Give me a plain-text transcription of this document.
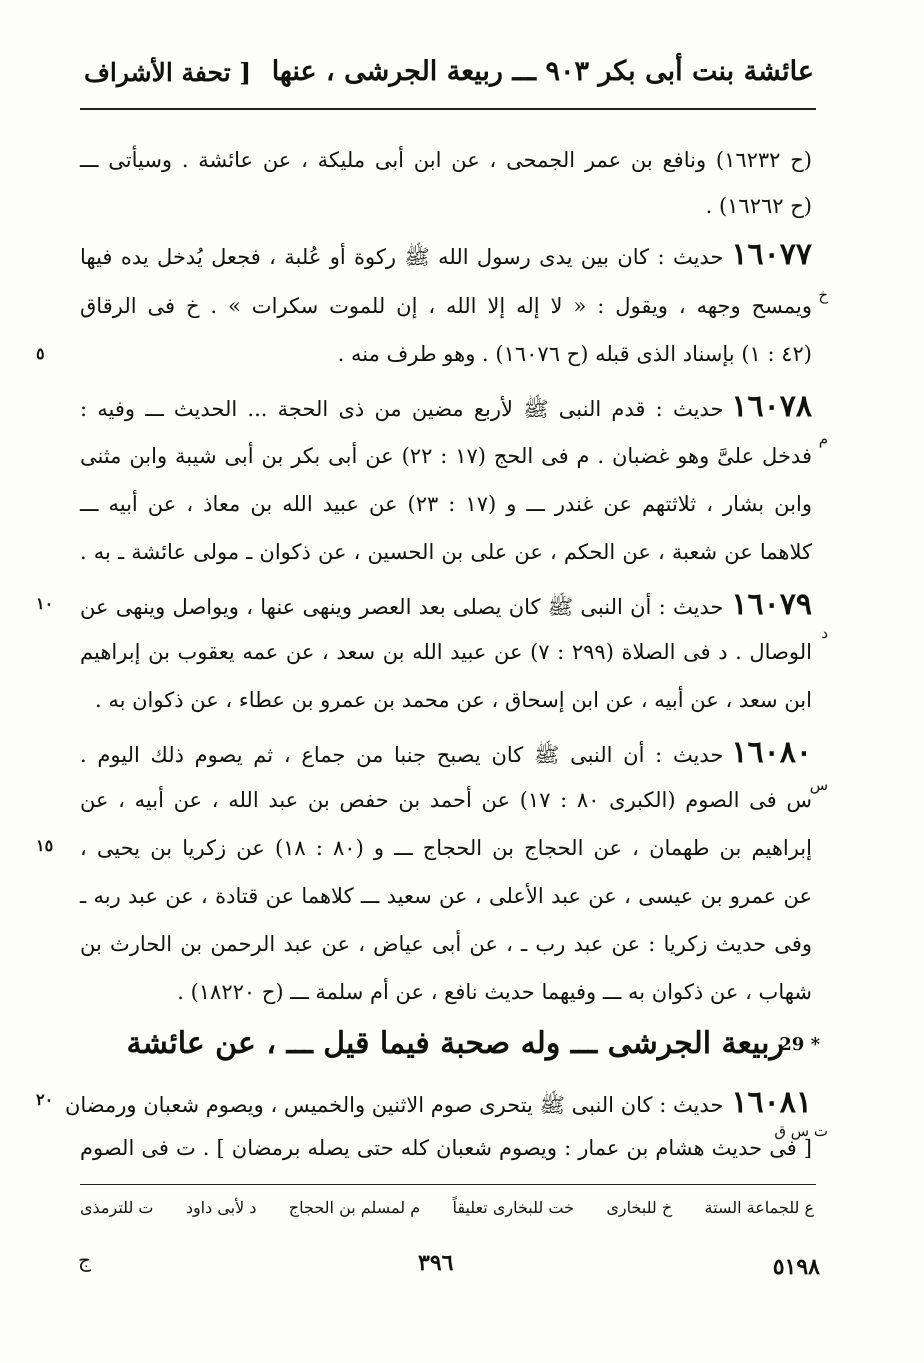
عائشة بنت أبى بكر ٩٠٣ ـــ ربيعة الجرشى ، عنها
[ تحفة الأشراف
(ح ١٦٢٣٢) ونافع بن عمر الجمحى ، عن ابن أبى مليكة ، عن عائشة . وسيأتى ـــ
(ح ١٦٢٦٢) .
١٦٠٧٧حديث : كان بين يدى رسول الله ﷺ ركوة أو عُلبة ، فجعل يُدخل يده فيها
خ
ويمسح وجهه ، ويقول : « لا إله إلا الله ، إن للموت سكرات » . خ فى الرقاق
(٤٢ : ١) بإسناد الذى قبله (ح ١٦٠٧٦) . وهو طرف منه .
٥
١٦٠٧٨حديث : قدم النبى ﷺ لأربع مضين من ذى الحجة ... الحديث ـــ وفيه :
م
فدخل علىَّ وهو غضبان . م فى الحج (١٧ : ٢٢) عن أبى بكر بن أبى شيبة وابن مثنى
وابن بشار ، ثلاثتهم عن غندر ـــ و (١٧ : ٢٣) عن عبيد الله بن معاذ ، عن أبيه ـــ
كلاهما عن شعبة ، عن الحكم ، عن على بن الحسين ، عن ذكوان ـ مولى عائشة ـ به .
١٦٠٧٩حديث : أن النبى ﷺ كان يصلى بعد العصر وينهى عنها ، ويواصل وينهى عن
١٠
د
الوصال . د فى الصلاة (٢٩٩ : ٧) عن عبيد الله بن سعد ، عن عمه يعقوب بن إبراهيم
ابن سعد ، عن أبيه ، عن ابن إسحاق ، عن محمد بن عمرو بن عطاء ، عن ذكوان به .
١٦٠٨٠حديث : أن النبى ﷺ كان يصبح جنبا من جماع ، ثم يصوم ذلك اليوم .
س
س فى الصوم (الكبرى ٨٠ : ١٧) عن أحمد بن حفص بن عبد الله ، عن أبيه ، عن
إبراهيم بن طهمان ، عن الحجاج بن الحجاج ـــ و (٨٠ : ١٨) عن زكريا بن يحيى ،
١٥
عن عمرو بن عيسى ، عن عبد الأعلى ، عن سعيد ـــ كلاهما عن قتادة ، عن عبد ربه ـ
وفى حديث زكريا : عن عبد رب ـ ، عن أبى عياض ، عن عبد الرحمن بن الحارث بن
شهاب ، عن ذكوان به ـــ وفيهما حديث نافع ، عن أم سلمة ـــ (ح ١٨٢٢٠) .
29 *
ربيعة الجرشى ـــ وله صحبة فيما قيل ـــ ، عن عائشة
١٦٠٨١حديث : كان النبى ﷺ يتحرى صوم الاثنين والخميس ، ويصوم شعبان ورمضان
٢٠
ت س ق
[ فى حديث هشام بن عمار : ويصوم شعبان كله حتى يصله برمضان ] . ت فى الصوم
ع للجماعة الستة
خ للبخارى
خت للبخارى تعليقاً
م لمسلم بن الحجاج
د لأبى داود
ت للترمذى
ج	٣٩٦	٥١٩٨
